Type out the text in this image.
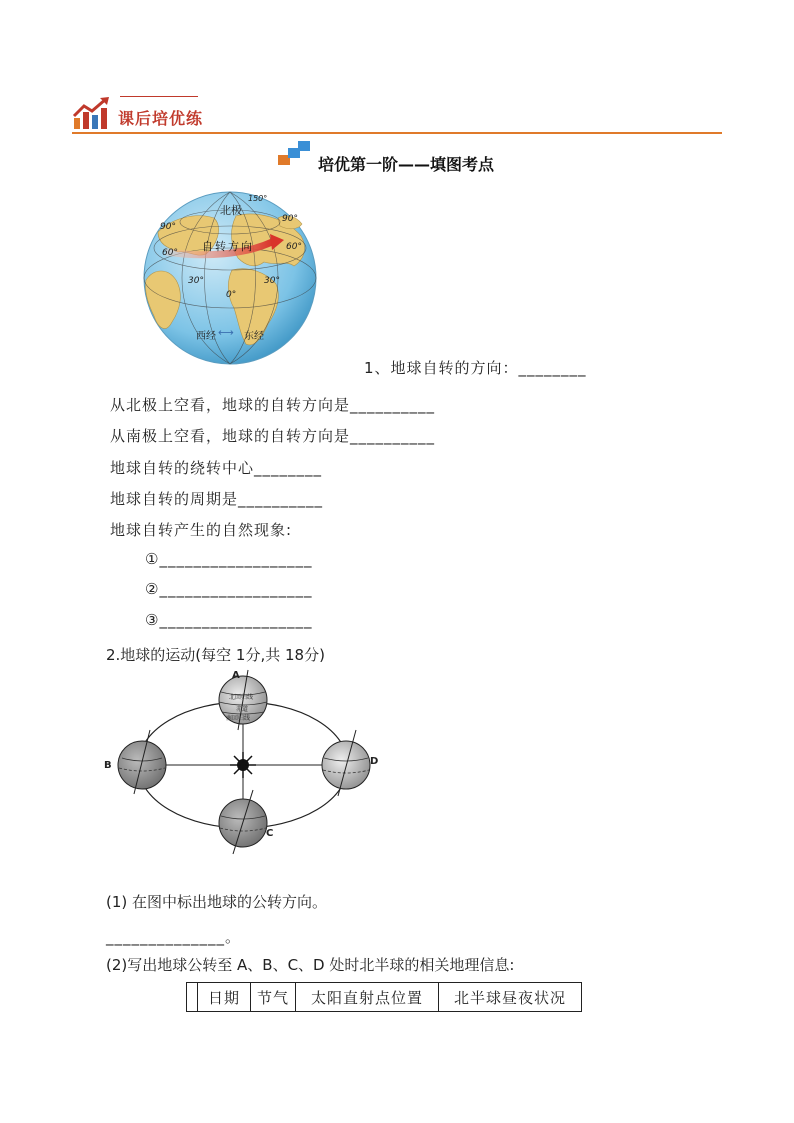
课后培优练
培优第一阶——填图考点
北极
自转方向
0°
30°
60°
90°
30°
60°
90°
150°
西经 ⟷ 东经
1、地球自转的方向：________
从北极上空看，地球的自转方向是__________
从南极上空看，地球的自转方向是__________
地球自转的绕转中心________
地球自转的周期是__________
地球自转产生的自然现象:
①__________________
②__________________
③__________________
2.地球的运动(每空 1分,共 18分)
A
B
C
D
北回归线
赤道
南回归线
(1) 在图中标出地球的公转方向。
______________。
(2)写出地球公转至 A、B、C、D 处时北半球的相关地理信息:
	日期	节气	太阳直射点位置	北半球昼夜状况
